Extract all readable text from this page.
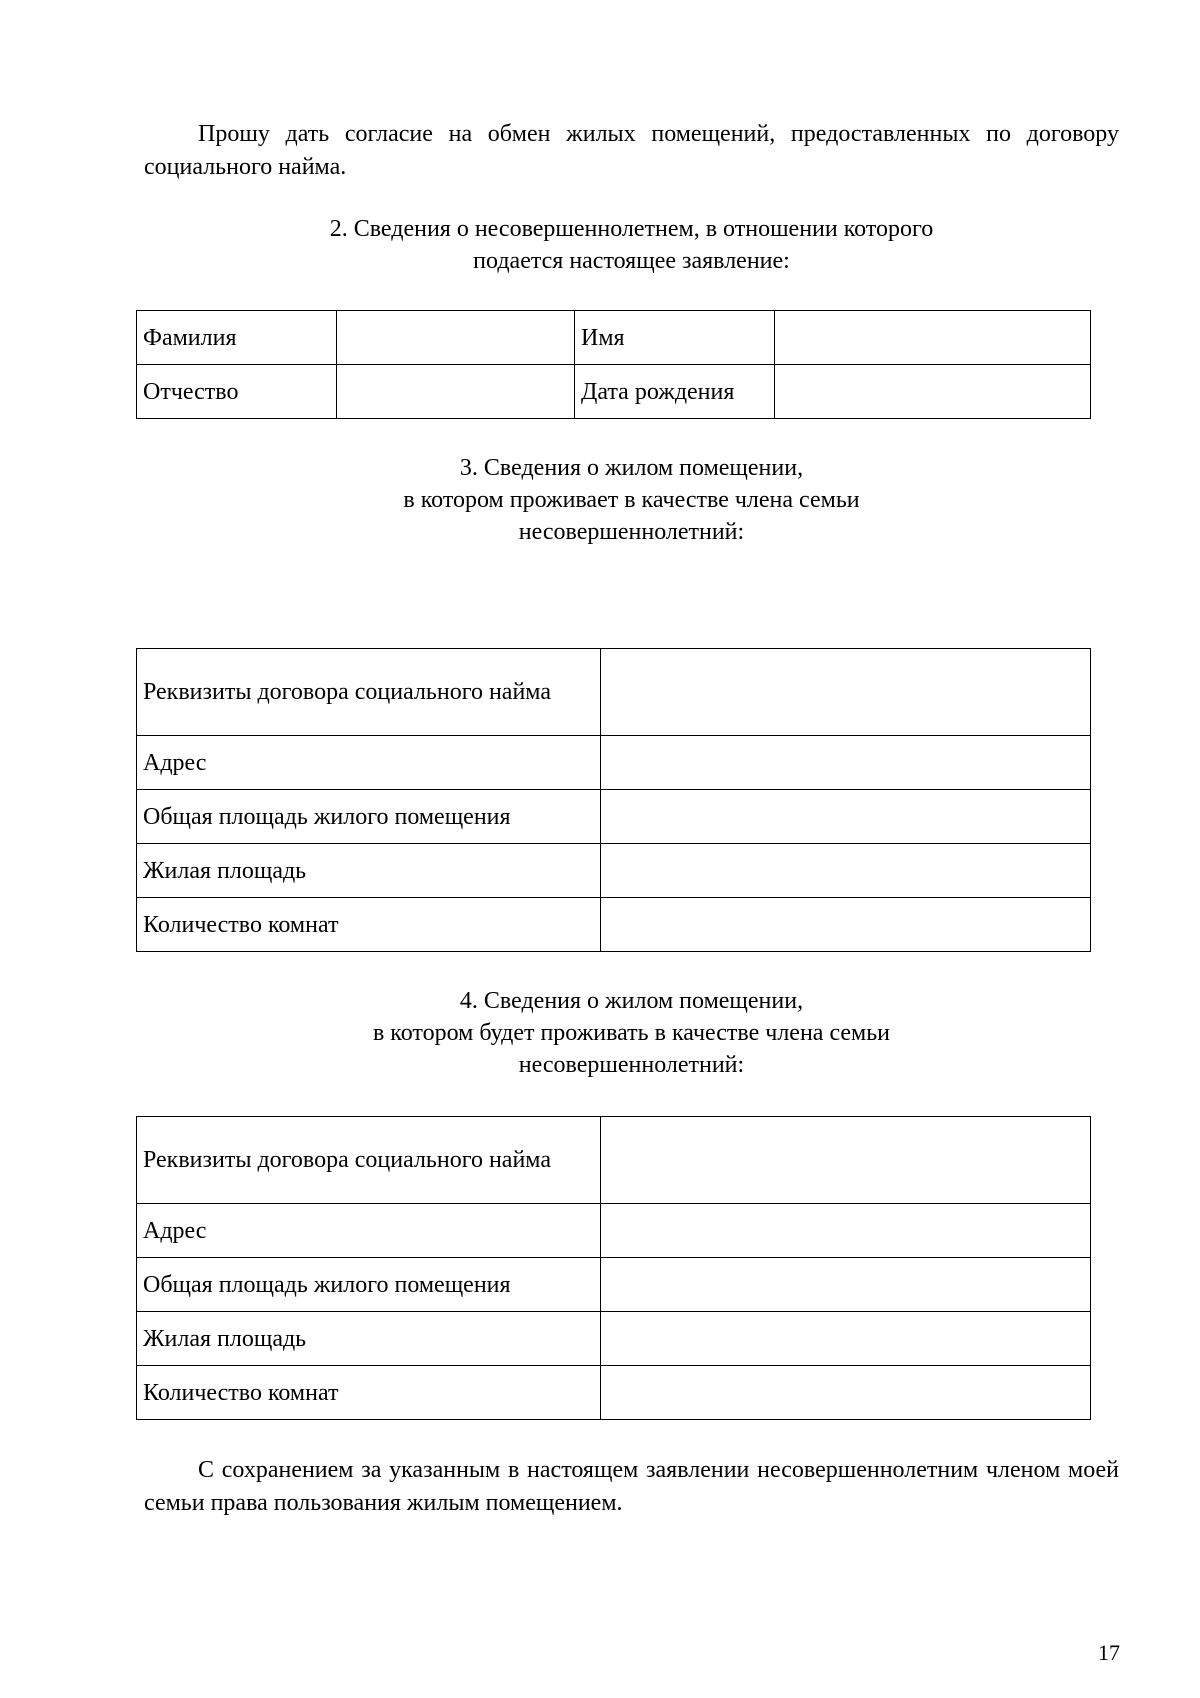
Прошу дать согласие на обмен жилых помещений, предоставленных по договору социального найма.

2. Сведения о несовершеннолетнем, в отношении которого
подается настоящее заявление:
Фамилия		Имя	
Отчество		Дата рождения	
3. Сведения о жилом помещении,
в котором проживает в качестве члена семьи
несовершеннолетний:
Реквизиты договора социального найма	
Адрес	
Общая площадь жилого помещения	
Жилая площадь	
Количество комнат	
4. Сведения о жилом помещении,
в котором будет проживать в качестве члена семьи
несовершеннолетний:
Реквизиты договора социального найма	
Адрес	
Общая площадь жилого помещения	
Жилая площадь	
Количество комнат	

С сохранением за указанным в настоящем заявлении несовершеннолетним членом моей семьи права пользования жилым помещением.

17
